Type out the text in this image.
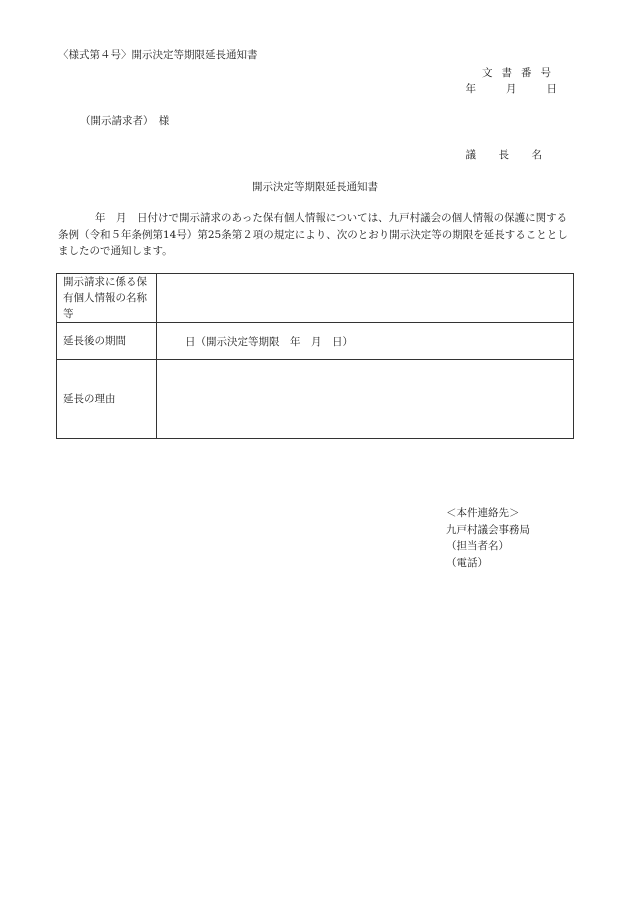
〈様式第４号〉開示決定等期限延長通知書
文書番号
年　　月　　日
（開示請求者）　様
議　長　名
開示決定等期限延長通知書
年　月　日付けで開示請求のあった保有個人情報については、九戸村議会の個人情報の保護に関する条例（令和５年条例第14号）第25条第２項の規定により、次のとおり開示決定等の期限を延長することとしましたので通知します。
開示請求に係る保有個人情報の名称等	
延長後の期間	日（開示決定等期限　年　月　日）
延長の理由	
＜本件連絡先＞
九戸村議会事務局
（担当者名）
（電話）
